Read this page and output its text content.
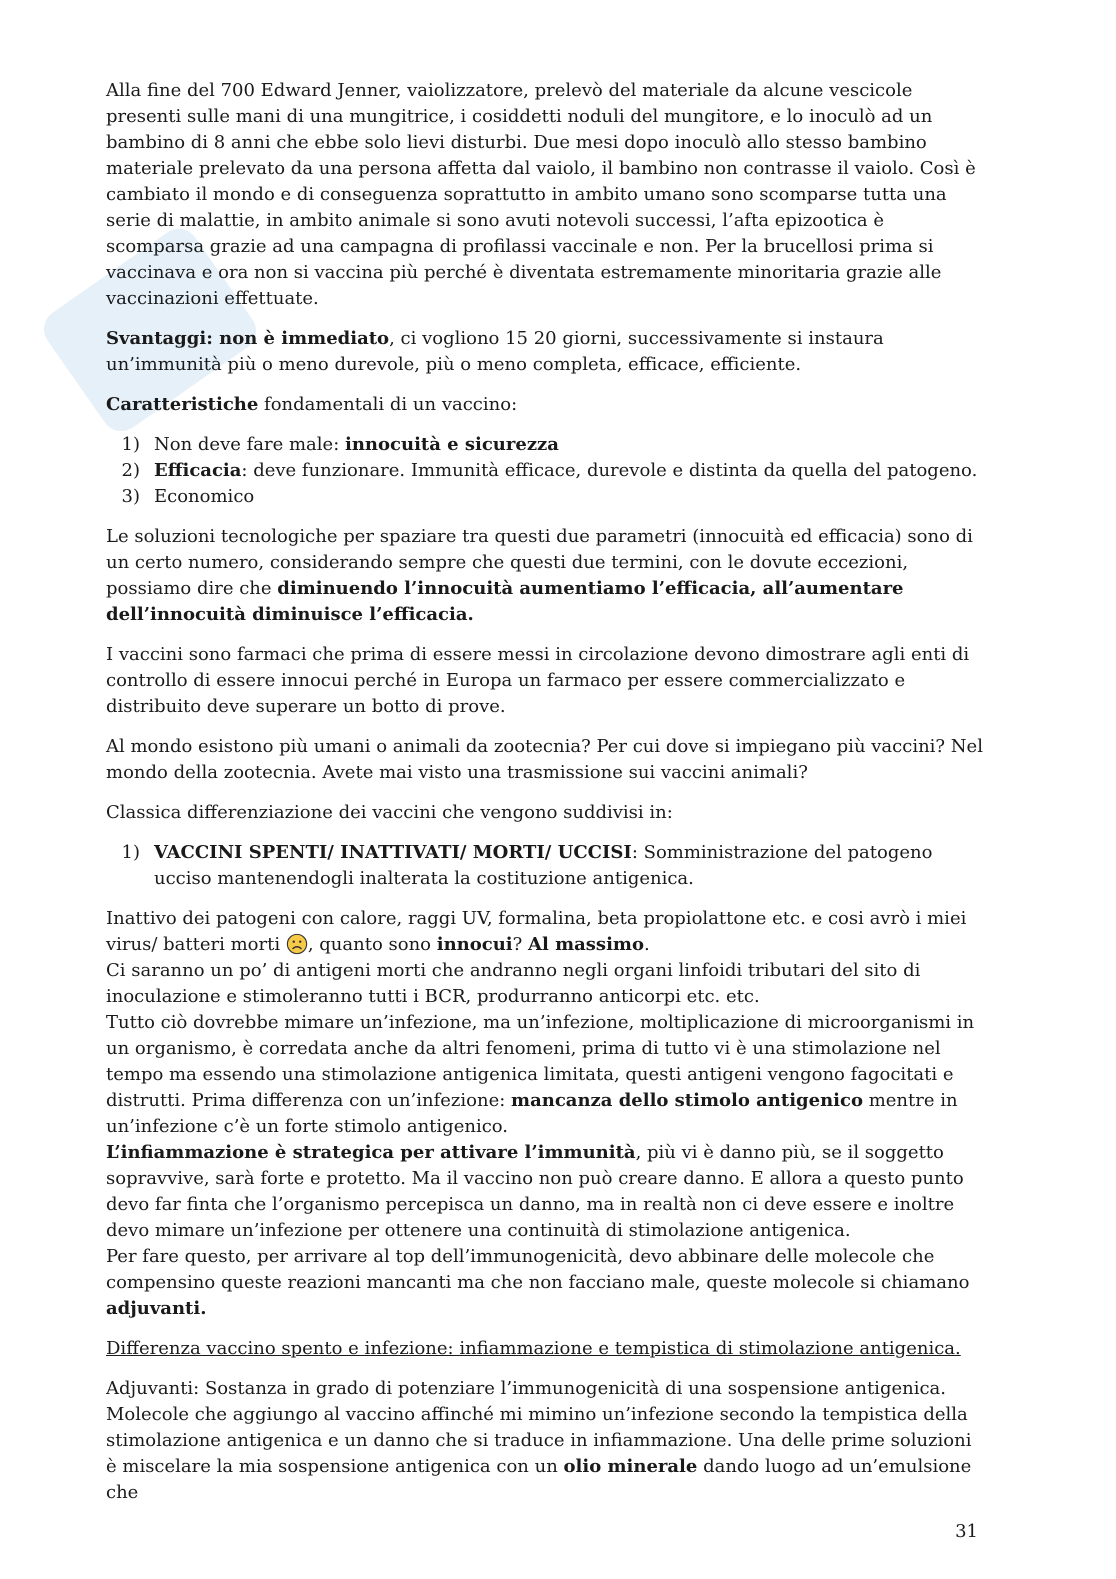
Alla fine del 700 Edward Jenner, vaiolizzatore, prelevò del materiale da alcune vescicole presenti sulle mani di una mungitrice, i cosiddetti noduli del mungitore, e lo inoculò ad un bambino di 8 anni che ebbe solo lievi disturbi. Due mesi dopo inoculò allo stesso bambino materiale prelevato da una persona affetta dal vaiolo, il bambino non contrasse il vaiolo. Così è cambiato il mondo e di conseguenza soprattutto in ambito umano sono scomparse tutta una serie di malattie, in ambito animale si sono avuti notevoli successi, l’afta epizootica è scomparsa grazie ad una campagna di profilassi vaccinale e non. Per la brucellosi prima si vaccinava e ora non si vaccina più perché è diventata estremamente minoritaria grazie alle vaccinazioni effettuate.

Svantaggi: non è immediato, ci vogliono 15 20 giorni, successivamente si instaura un’immunità più o meno durevole, più o meno completa, efficace, efficiente.

Caratteristiche fondamentali di un vaccino:

1) Non deve fare male: innocuità e sicurezza
2) Efficacia: deve funzionare. Immunità efficace, durevole e distinta da quella del patogeno.
3) Economico

Le soluzioni tecnologiche per spaziare tra questi due parametri (innocuità ed efficacia) sono di un certo numero, considerando sempre che questi due termini, con le dovute eccezioni, possiamo dire che diminuendo l’innocuità aumentiamo l’efficacia, all’aumentare dell’innocuità diminuisce l’efficacia.

I vaccini sono farmaci che prima di essere messi in circolazione devono dimostrare agli enti di controllo di essere innocui perché in Europa un farmaco per essere commercializzato e distribuito deve superare un botto di prove.

Al mondo esistono più umani o animali da zootecnia? Per cui dove si impiegano più vaccini? Nel mondo della zootecnia. Avete mai visto una trasmissione sui vaccini animali?

Classica differenziazione dei vaccini che vengono suddivisi in:

1) VACCINI SPENTI/ INATTIVATI/ MORTI/ UCCISI: Somministrazione del patogeno ucciso mantenendogli inalterata la costituzione antigenica.

Inattivo dei patogeni con calore, raggi UV, formalina, beta propiolattone etc. e cosi avrò i miei virus/ batteri morti , quanto sono innocui? Al massimo.

Ci saranno un po’ di antigeni morti che andranno negli organi linfoidi tributari del sito di inoculazione e stimoleranno tutti i BCR, produrranno anticorpi etc. etc.

Tutto ciò dovrebbe mimare un’infezione, ma un’infezione, moltiplicazione di microorganismi in un organismo, è corredata anche da altri fenomeni, prima di tutto vi è una stimolazione nel tempo ma essendo una stimolazione antigenica limitata, questi antigeni vengono fagocitati e distrutti. Prima differenza con un’infezione: mancanza dello stimolo antigenico mentre in un’infezione c’è un forte stimolo antigenico.

L’infiammazione è strategica per attivare l’immunità, più vi è danno più, se il soggetto sopravvive, sarà forte e protetto. Ma il vaccino non può creare danno. E allora a questo punto devo far finta che l’organismo percepisca un danno, ma in realtà non ci deve essere e inoltre devo mimare un’infezione per ottenere una continuità di stimolazione antigenica.

Per fare questo, per arrivare al top dell’immunogenicità, devo abbinare delle molecole che compensino queste reazioni mancanti ma che non facciano male, queste molecole si chiamano adjuvanti.

Differenza vaccino spento e infezione: infiammazione e tempistica di stimolazione antigenica.

Adjuvanti: Sostanza in grado di potenziare l’immunogenicità di una sospensione antigenica. Molecole che aggiungo al vaccino affinché mi mimino un’infezione secondo la tempistica della stimolazione antigenica e un danno che si traduce in infiammazione. Una delle prime soluzioni è miscelare la mia sospensione antigenica con un olio minerale dando luogo ad un’emulsione che

31
